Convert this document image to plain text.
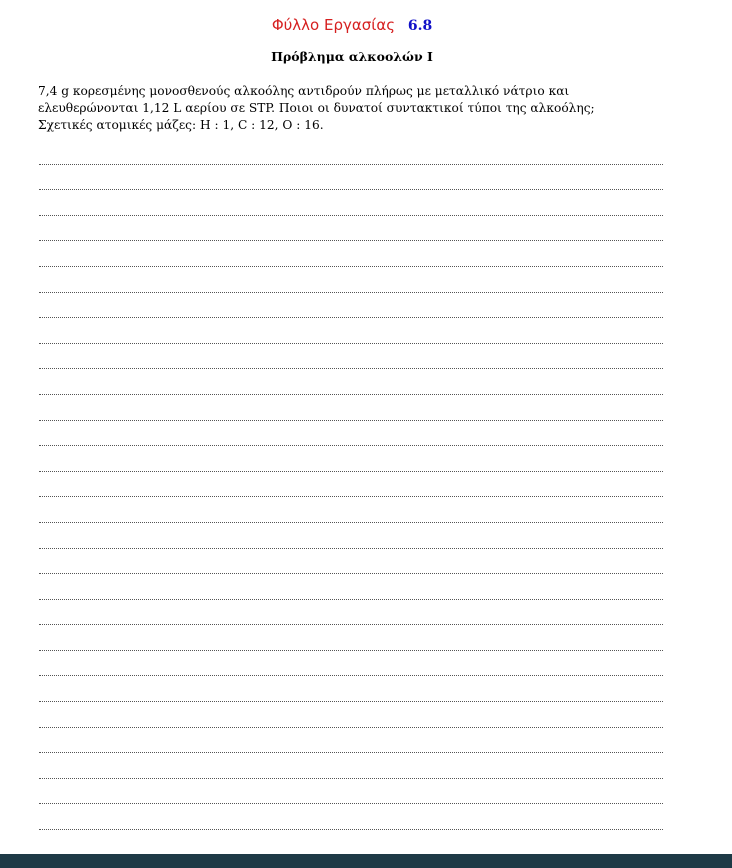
Φύλλο Εργασίας 6.8
Πρόβλημα αλκοολών Ι

7,4 g κορεσμένης μονοσθενούς αλκοόλης αντιδρούν πλήρως με μεταλλικό νάτριο και ελευθερώνονται 1,12 L αερίου σε STP. Ποιοι οι δυνατοί συντακτικοί τύποι της αλκοόλης;

Σχετικές ατομικές μάζες: Η : 1, C : 12, Ο : 16.
